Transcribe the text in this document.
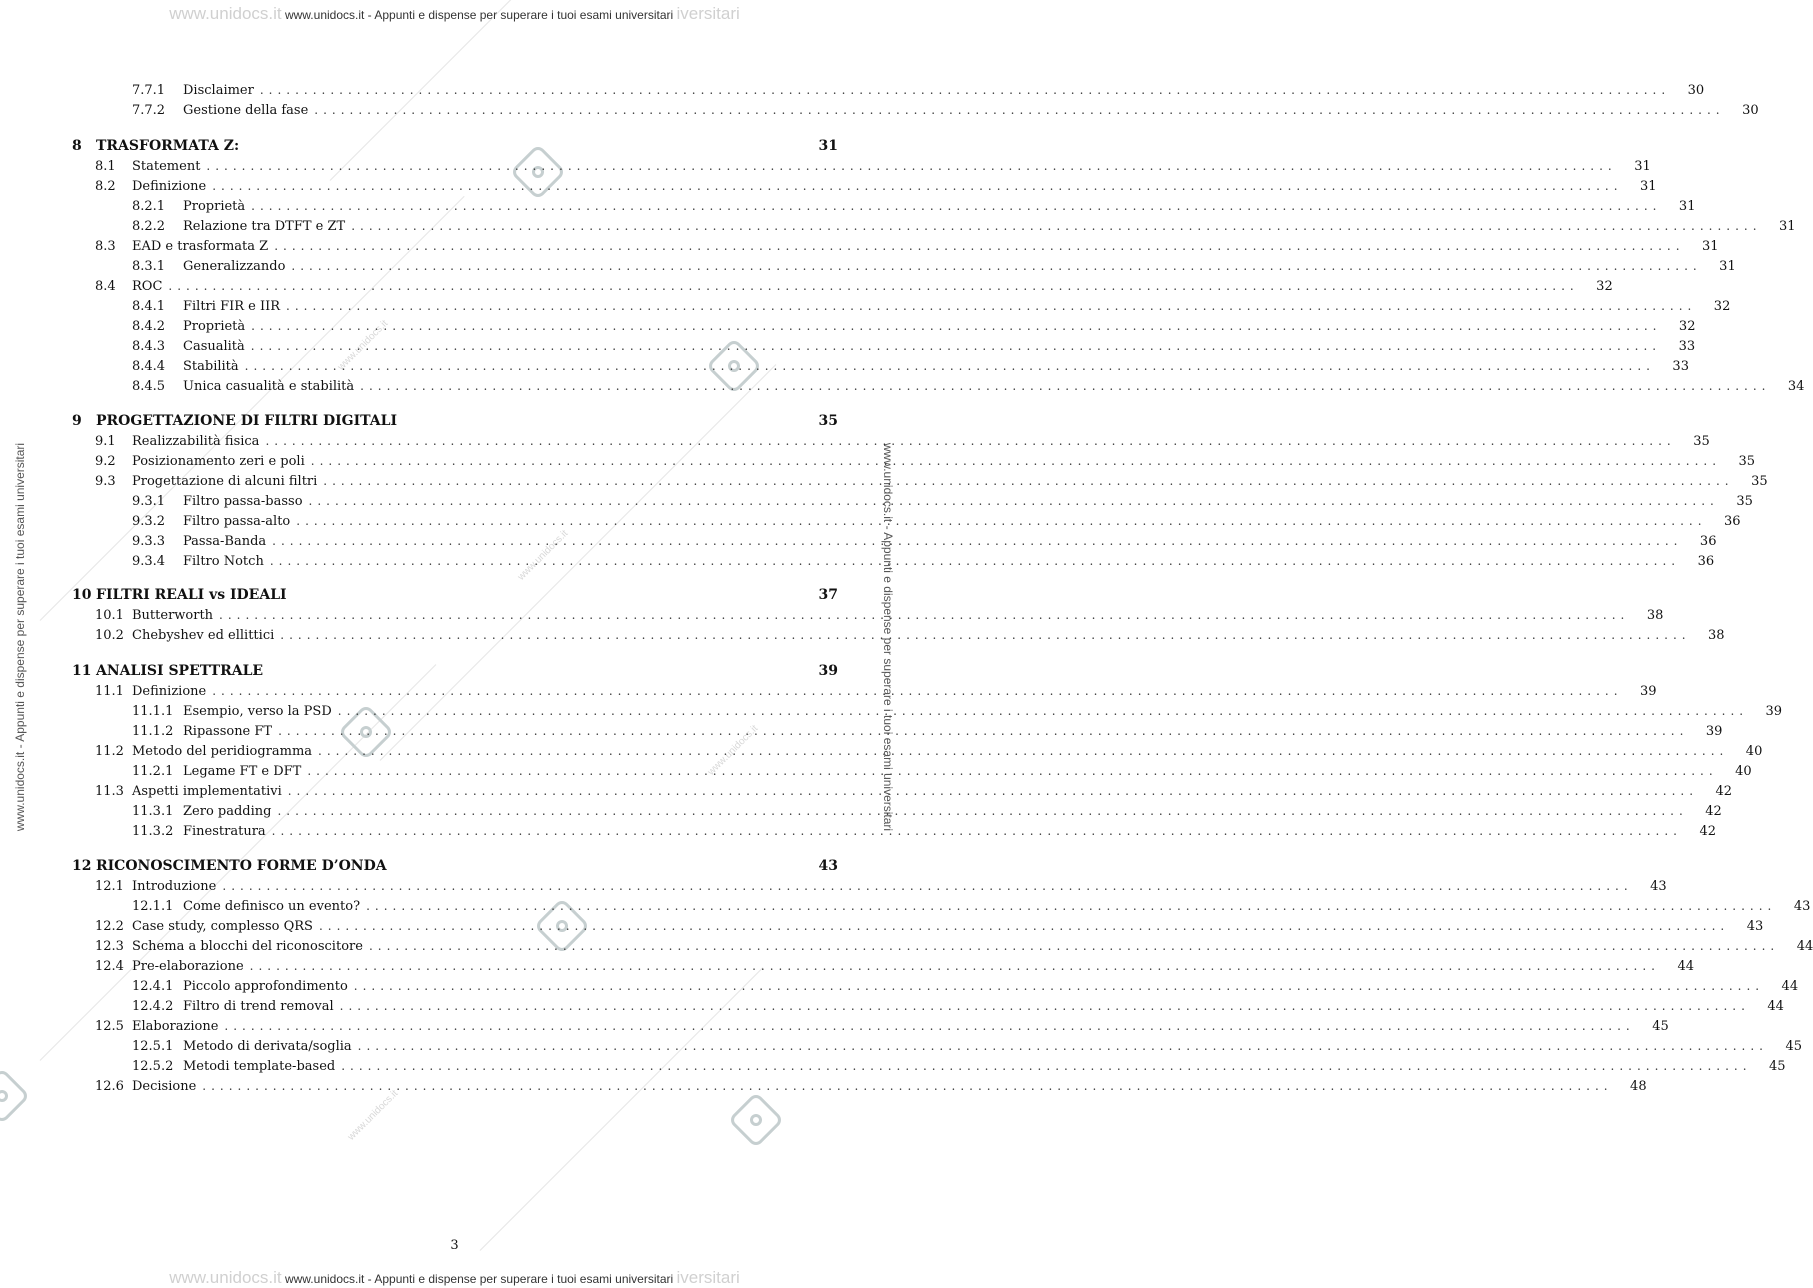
www.unidocs.it
www.unidocs.it
www.unidocs.it
www.unidocs.it
www.unidocs.it www.unidocs.it - Appunti e dispense per superare i tuoi esami universitari iversitari
www.unidocs.it www.unidocs.it - Appunti e dispense per superare i tuoi esami universitari iversitari
www.unidocs.it - Appunti e dispense per superare i tuoi esami universitari	www.unidocs.it - Appunti e dispense per superare i tuoi esami universitari
7.7.1	Disclaimer ................................................................................................................................................................	30
7.7.2	Gestione della fase ................................................................................................................................................................	30
8	TRASFORMATA Z:	31
8.1	Statement ................................................................................................................................................................	31
8.2	Definizione ................................................................................................................................................................	31
8.2.1	Proprietà ................................................................................................................................................................	31
8.2.2	Relazione tra DTFT e ZT ................................................................................................................................................................	31
8.3	EAD e trasformata Z ................................................................................................................................................................	31
8.3.1	Generalizzando ................................................................................................................................................................	31
8.4	ROC ................................................................................................................................................................	32
8.4.1	Filtri FIR e IIR ................................................................................................................................................................	32
8.4.2	Proprietà ................................................................................................................................................................	32
8.4.3	Casualità ................................................................................................................................................................	33
8.4.4	Stabilità ................................................................................................................................................................	33
8.4.5	Unica casualità e stabilità ................................................................................................................................................................	34
9	PROGETTAZIONE DI FILTRI DIGITALI	35
9.1	Realizzabilità fisica ................................................................................................................................................................	35
9.2	Posizionamento zeri e poli ................................................................................................................................................................	35
9.3	Progettazione di alcuni filtri ................................................................................................................................................................	35
9.3.1	Filtro passa-basso ................................................................................................................................................................	35
9.3.2	Filtro passa-alto ................................................................................................................................................................	36
9.3.3	Passa-Banda ................................................................................................................................................................	36
9.3.4	Filtro Notch ................................................................................................................................................................	36
10 FILTRI REALI vs IDEALI	37
10.1 Butterworth ................................................................................................................................................................	38
10.2 Chebyshev ed ellittici ................................................................................................................................................................	38
11 ANALISI SPETTRALE	39
11.1 Definizione ................................................................................................................................................................	39
11.1.1 Esempio, verso la PSD ................................................................................................................................................................	39
11.1.2 Ripassone FT ................................................................................................................................................................	39
11.2 Metodo del peridiogramma ................................................................................................................................................................	40
11.2.1 Legame FT e DFT ................................................................................................................................................................	40
11.3 Aspetti implementativi ................................................................................................................................................................	42
11.3.1 Zero padding ................................................................................................................................................................	42
11.3.2 Finestratura ................................................................................................................................................................	42
12 RICONOSCIMENTO FORME D’ONDA	43
12.1 Introduzione ................................................................................................................................................................	43
12.1.1 Come definisco un evento? ................................................................................................................................................................	43
12.2 Case study, complesso QRS ................................................................................................................................................................	43
12.3 Schema a blocchi del riconoscitore ................................................................................................................................................................	44
12.4 Pre-elaborazione ................................................................................................................................................................	44
12.4.1 Piccolo approfondimento ................................................................................................................................................................	44
12.4.2 Filtro di trend removal ................................................................................................................................................................	44
12.5 Elaborazione ................................................................................................................................................................	45
12.5.1 Metodo di derivata/soglia ................................................................................................................................................................	45
12.5.2 Metodi template-based ................................................................................................................................................................	45
12.6 Decisione ................................................................................................................................................................	48
3
